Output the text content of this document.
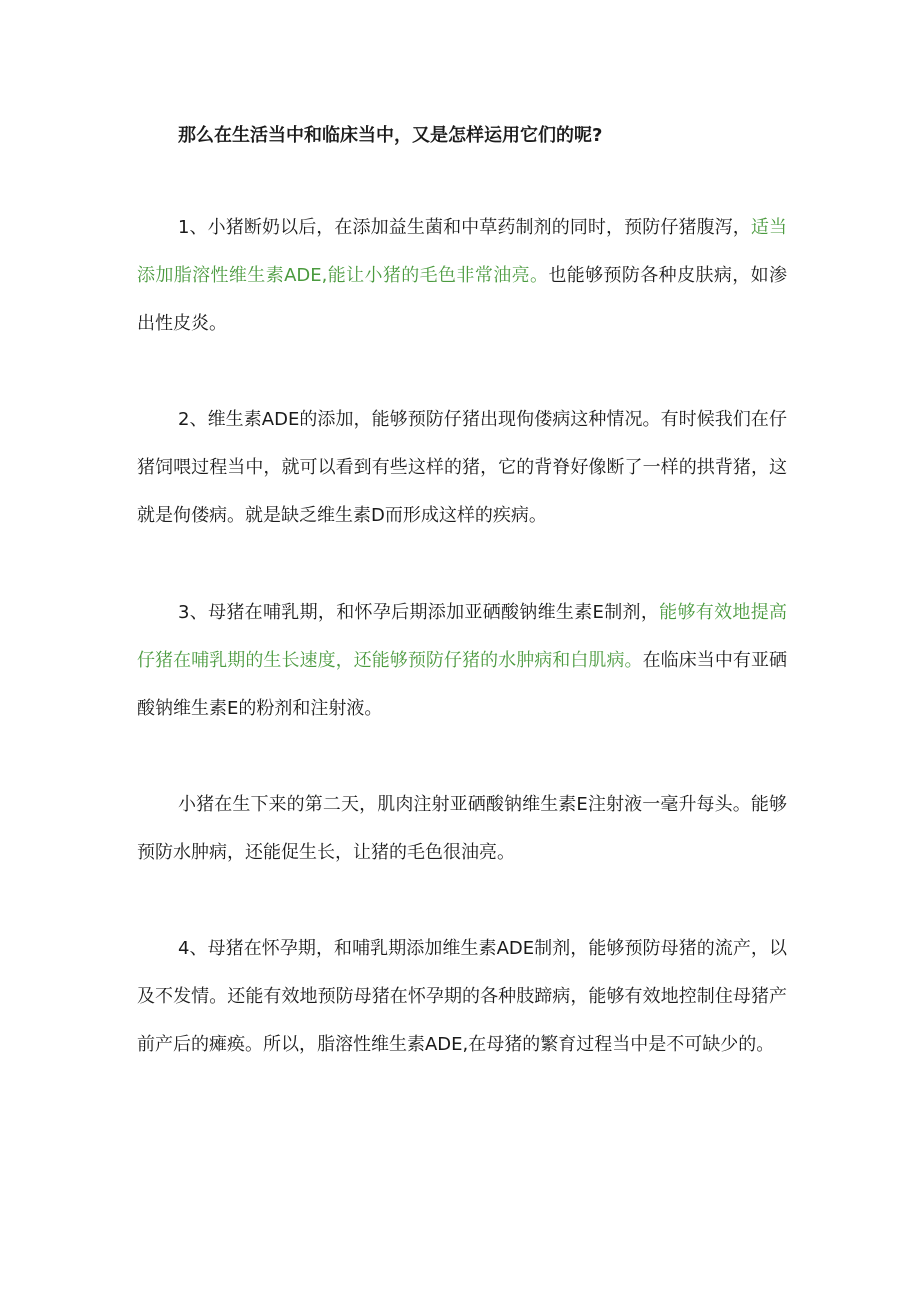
那么在生活当中和临床当中，又是怎样运用它们的呢?

1、小猪断奶以后，在添加益生菌和中草药制剂的同时，预防仔猪腹泻，适当添加脂溶性维生素ADE,能让小猪的毛色非常油亮。也能够预防各种皮肤病，如渗出性皮炎。

2、维生素ADE的添加，能够预防仔猪出现佝偻病这种情况。有时候我们在仔猪饲喂过程当中，就可以看到有些这样的猪，它的背脊好像断了一样的拱背猪，这就是佝偻病。就是缺乏维生素D而形成这样的疾病。

3、母猪在哺乳期，和怀孕后期添加亚硒酸钠维生素E制剂，能够有效地提高仔猪在哺乳期的生长速度，还能够预防仔猪的水肿病和白肌病。在临床当中有亚硒酸钠维生素E的粉剂和注射液。

小猪在生下来的第二天，肌肉注射亚硒酸钠维生素E注射液一毫升每头。能够预防水肿病，还能促生长，让猪的毛色很油亮。

4、母猪在怀孕期，和哺乳期添加维生素ADE制剂，能够预防母猪的流产，以及不发情。还能有效地预防母猪在怀孕期的各种肢蹄病，能够有效地控制住母猪产前产后的瘫痪。所以，脂溶性维生素ADE,在母猪的繁育过程当中是不可缺少的。
